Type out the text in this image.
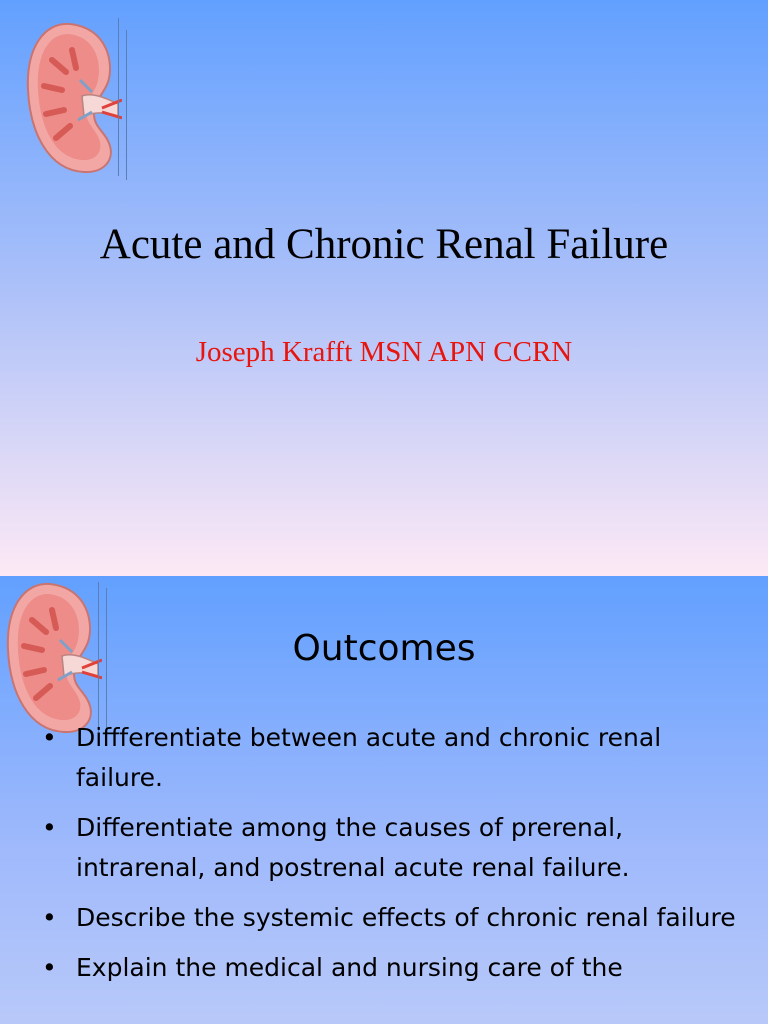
Acute and Chronic Renal Failure

Joseph Krafft MSN APN CCRN

Outcomes
• Diffferentiate between acute and chronic renal failure.
• Differentiate among the causes of prerenal, intrarenal, and postrenal acute renal failure.
• Describe the systemic effects of chronic renal failure
• Explain the medical and nursing care of the
